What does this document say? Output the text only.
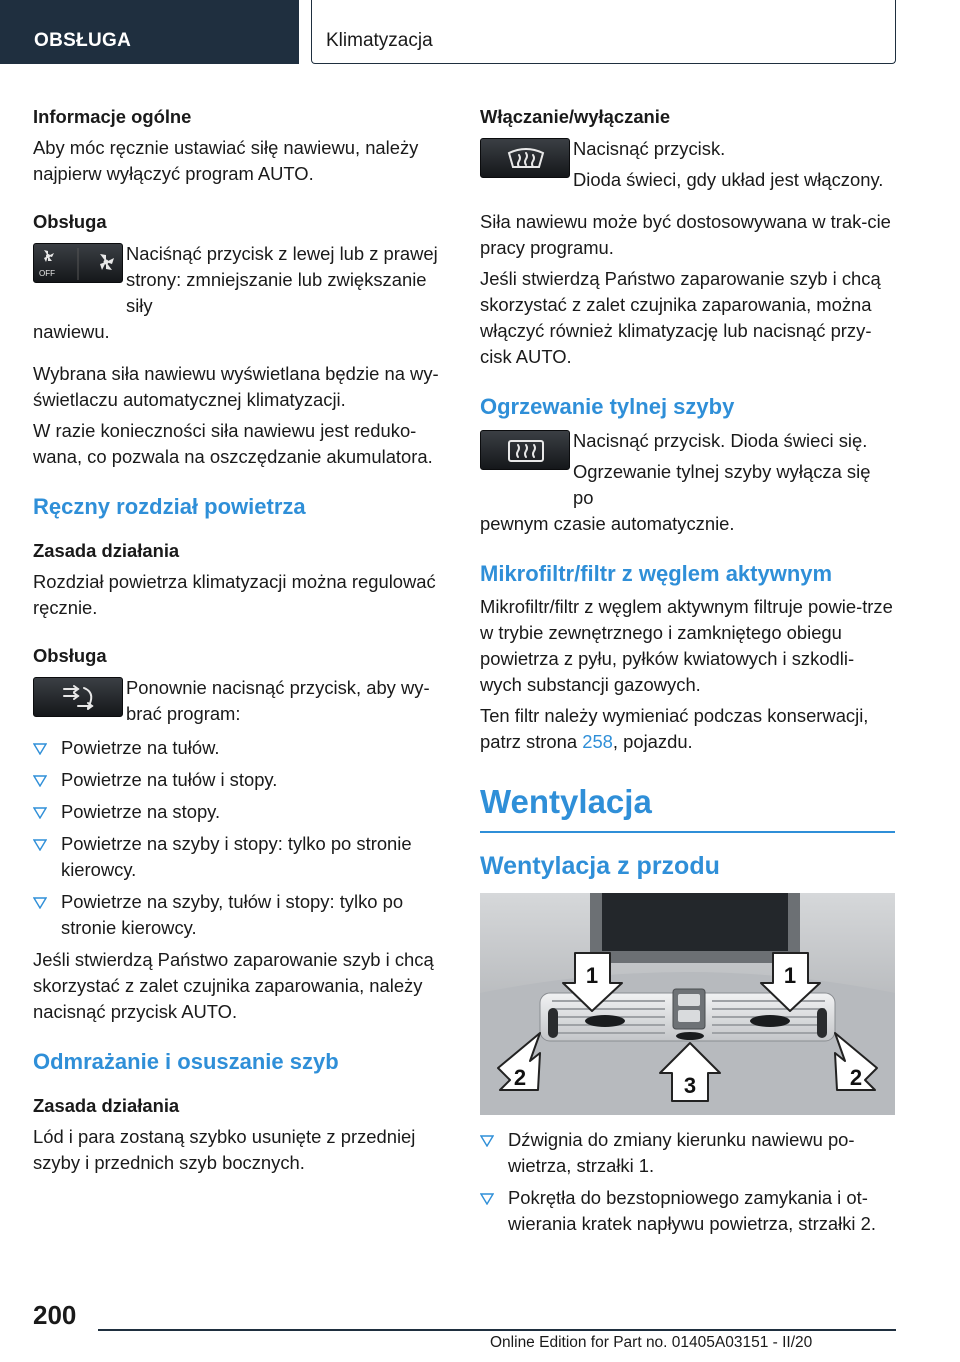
OBSŁUGA	Klimatyzacja
Informacje ogólne
Aby móc ręcznie ustawiać siłę nawiewu, należy najpierw wyłączyć program AUTO.
Obsługa
OFF
Naciśnąć przycisk z lewej lub z prawej strony: zmniejszanie lub zwiększanie siły
nawiewu.
Wybrana siła nawiewu wyświetlana będzie na wy-świetlaczu automatycznej klimatyzacji.
W razie konieczności siła nawiewu jest reduko-wana, co pozwala na oszczędzanie akumulatora.
Ręczny rozdział powietrza
Zasada działania
Rozdział powietrza klimatyzacji można regulować ręcznie.
Obsługa
Ponownie nacisnąć przycisk, aby wy-brać program:
Powietrze na tułów.
Powietrze na tułów i stopy.
Powietrze na stopy.
Powietrze na szyby i stopy: tylko po stronie kierowcy.
Powietrze na szyby, tułów i stopy: tylko po stronie kierowcy.
Jeśli stwierdzą Państwo zaparowanie szyb i chcą skorzystać z zalet czujnika zaparowania, należy nacisnąć przycisk AUTO.
Odmrażanie i osuszanie szyb
Zasada działania
Lód i para zostaną szybko usunięte z przedniej szyby i przednich szyb bocznych.
Włączanie/wyłączanie
Nacisnąć przycisk.
Dioda świeci, gdy układ jest włączony.
Siła nawiewu może być dostosowywana w trak-cie pracy programu.
Jeśli stwierdzą Państwo zaparowanie szyb i chcą skorzystać z zalet czujnika zaparowania, można włączyć również klimatyzację lub nacisnąć przy-cisk AUTO.
Ogrzewanie tylnej szyby
Nacisnąć przycisk. Dioda świeci się.
Ogrzewanie tylnej szyby wyłącza się po
pewnym czasie automatycznie.
Mikrofiltr/filtr z węglem aktywnym
Mikrofiltr/filtr z węglem aktywnym filtruje powie-trze w trybie zewnętrznego i zamkniętego obiegu powietrza z pyłu, pyłków kwiatowych i szkodli-wych substancji gazowych.
Ten filtr należy wymieniać podczas konserwacji, patrz strona 258, pojazdu.
Wentylacja
Wentylacja z przodu
1	1
2	3	2
Dźwignia do zmiany kierunku nawiewu po-wietrza, strzałki 1.
Pokrętła do bezstopniowego zamykania i ot-wierania kratek napływu powietrza, strzałki 2.
200
Online Edition for Part no. 01405A03151 - II/20
